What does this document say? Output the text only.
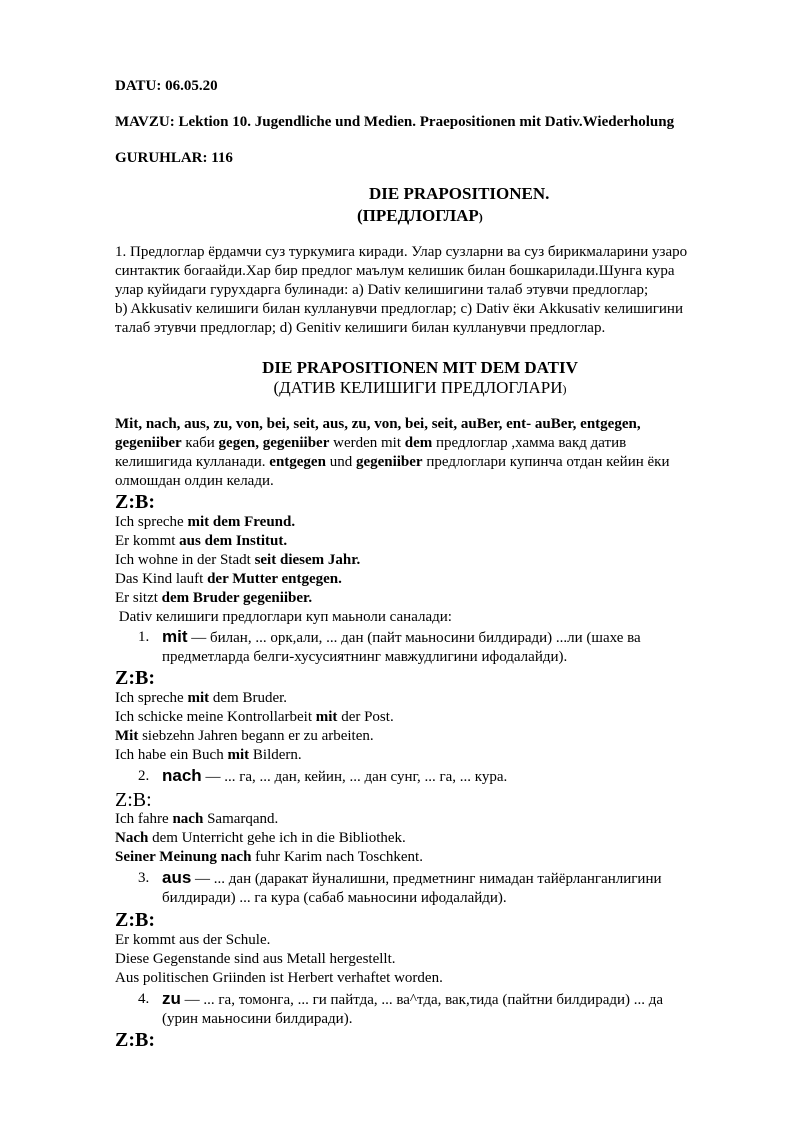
DATU: 06.05.20
MAVZU: Lektion 10. Jugendliche und Medien. Praepositionen mit Dativ.Wiederholung
GURUHLAR: 116
DIE PRAPOSITIONEN.
(ПРЕДЛОГЛАР)
1. Предлоглар ёрдамчи суз туркумига киради. Улар сузларни ва суз бирикмаларини узаро
синтактик богаайди.Хар бир предлог маълум келишик билан бошкарилади.Шунга кура
улар куйидаги гурухдарга булинади: a) Dativ келишигини талаб этувчи предлоглар;
b) Akkusativ келишиги билан кулланувчи предлоглар; c) Dativ ёки Akkusativ келишигини
талаб этувчи предлоглар; d) Genitiv келишиги билан кулланувчи предлоглар.
DIE PRAPOSITIONEN MIT DEM DATIV
(ДАТИВ КЕЛИШИГИ ПРЕДЛОГЛАРИ)
Mit, nach, aus, zu, von, bei, seit, aus, zu, von, bei, seit, auBer, ent- auBer, entgegen,
gegeniiber каби gegen, gegeniiber werden mit dem предлоглар ,хамма вакд датив
келишигида кулланади. entgegen und gegeniiber предлоглари купинча отдан кейин ёки
олмошдан олдин келади.
Z:B:
Ich spreche mit dem Freund.
Er kommt aus dem Institut.
Ich wohne in der Stadt seit diesem Jahr.
Das Kind lauft der Mutter entgegen.
Er sitzt dem Bruder gegeniiber.
Dativ келишиги предлоглари куп маьноли саналади:
1. mit — билан, ... орк,али, ... дан (пайт маьносини билдиради) ...ли (шахе ва
предметларда белги-хусусиятнинг мавжудлигини ифодалайди).
Z:B:
Ich spreche mit dem Bruder.
Ich schicke meine Kontrollarbeit mit der Post.
Mit siebzehn Jahren begann er zu arbeiten.
Ich habe ein Buch mit Bildern.
2. nach — ... га, ... дан, кейин, ... дан сунг, ... га, ... кура.
Z:B:
Ich fahre nach Samarqand.
Nach dem Unterricht gehe ich in die Bibliothek.
Seiner Meinung nach fuhr Karim nach Toschkent.
3. aus — ... дан (даракат йуналишни, предметнинг нимадан тайёрланганлигини
билдиради) ... га кура (сабаб маьносини ифодалайди).
Z:B:
Er kommt aus der Schule.
Diese Gegenstande sind aus Metall hergestellt.
Aus politischen Griinden ist Herbert verhaftet worden.
4. zu — ... га, томонга, ... ги пайтда, ... ва^тда, вак,тида (пайтни билдиради) ... да
(урин маьносини билдиради).
Z:B:
